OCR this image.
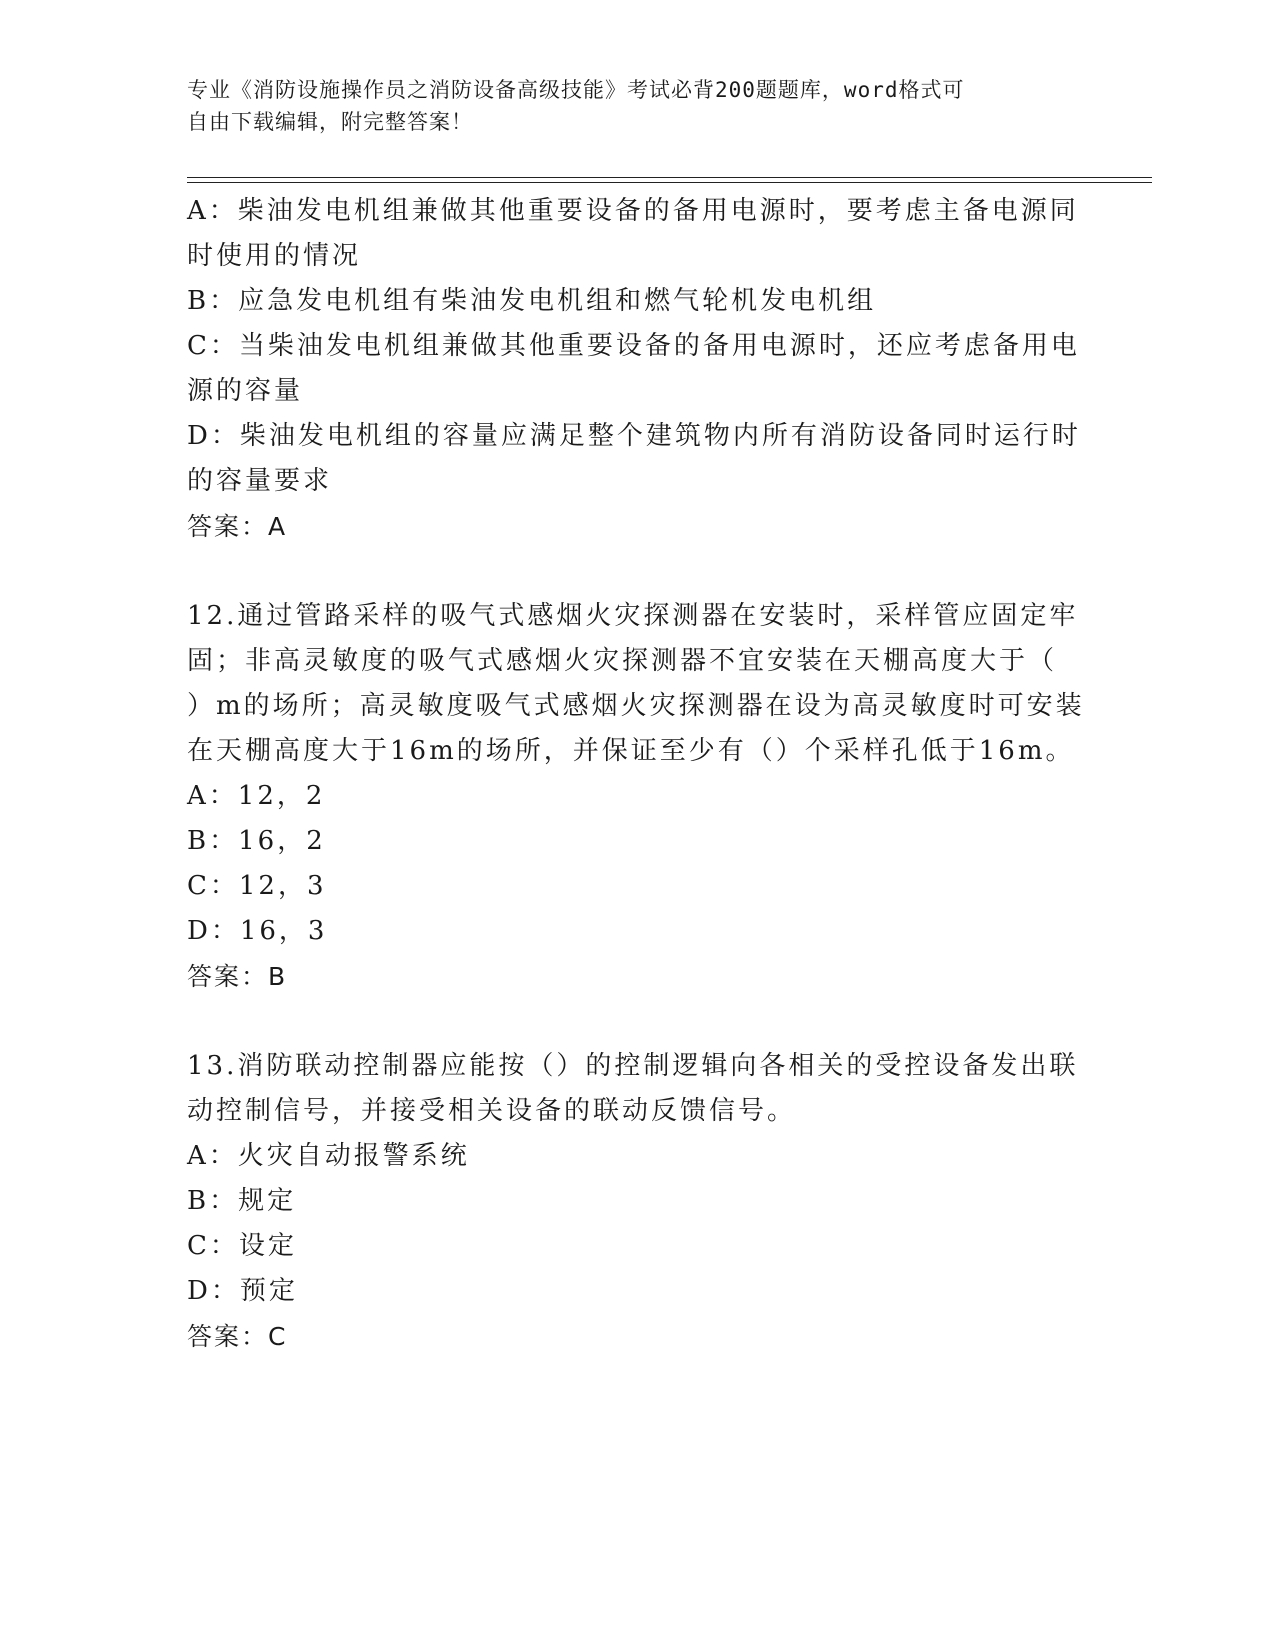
专业《消防设施操作员之消防设备高级技能》考试必背200题题库，word格式可
自由下载编辑，附完整答案！
A：柴油发电机组兼做其他重要设备的备用电源时，要考虑主备电源同
时使用的情况
B：应急发电机组有柴油发电机组和燃气轮机发电机组
C：当柴油发电机组兼做其他重要设备的备用电源时，还应考虑备用电
源的容量
D：柴油发电机组的容量应满足整个建筑物内所有消防设备同时运行时
的容量要求
答案：A
12.通过管路采样的吸气式感烟火灾探测器在安装时，采样管应固定牢
固；非高灵敏度的吸气式感烟火灾探测器不宜安装在天棚高度大于（
）m的场所；高灵敏度吸气式感烟火灾探测器在设为高灵敏度时可安装
在天棚高度大于16m的场所，并保证至少有（）个采样孔低于16m。
A：12，2
B：16，2
C：12，3
D：16，3
答案：B
13.消防联动控制器应能按（）的控制逻辑向各相关的受控设备发出联
动控制信号，并接受相关设备的联动反馈信号。
A：火灾自动报警系统
B：规定
C：设定
D：预定
答案：C
